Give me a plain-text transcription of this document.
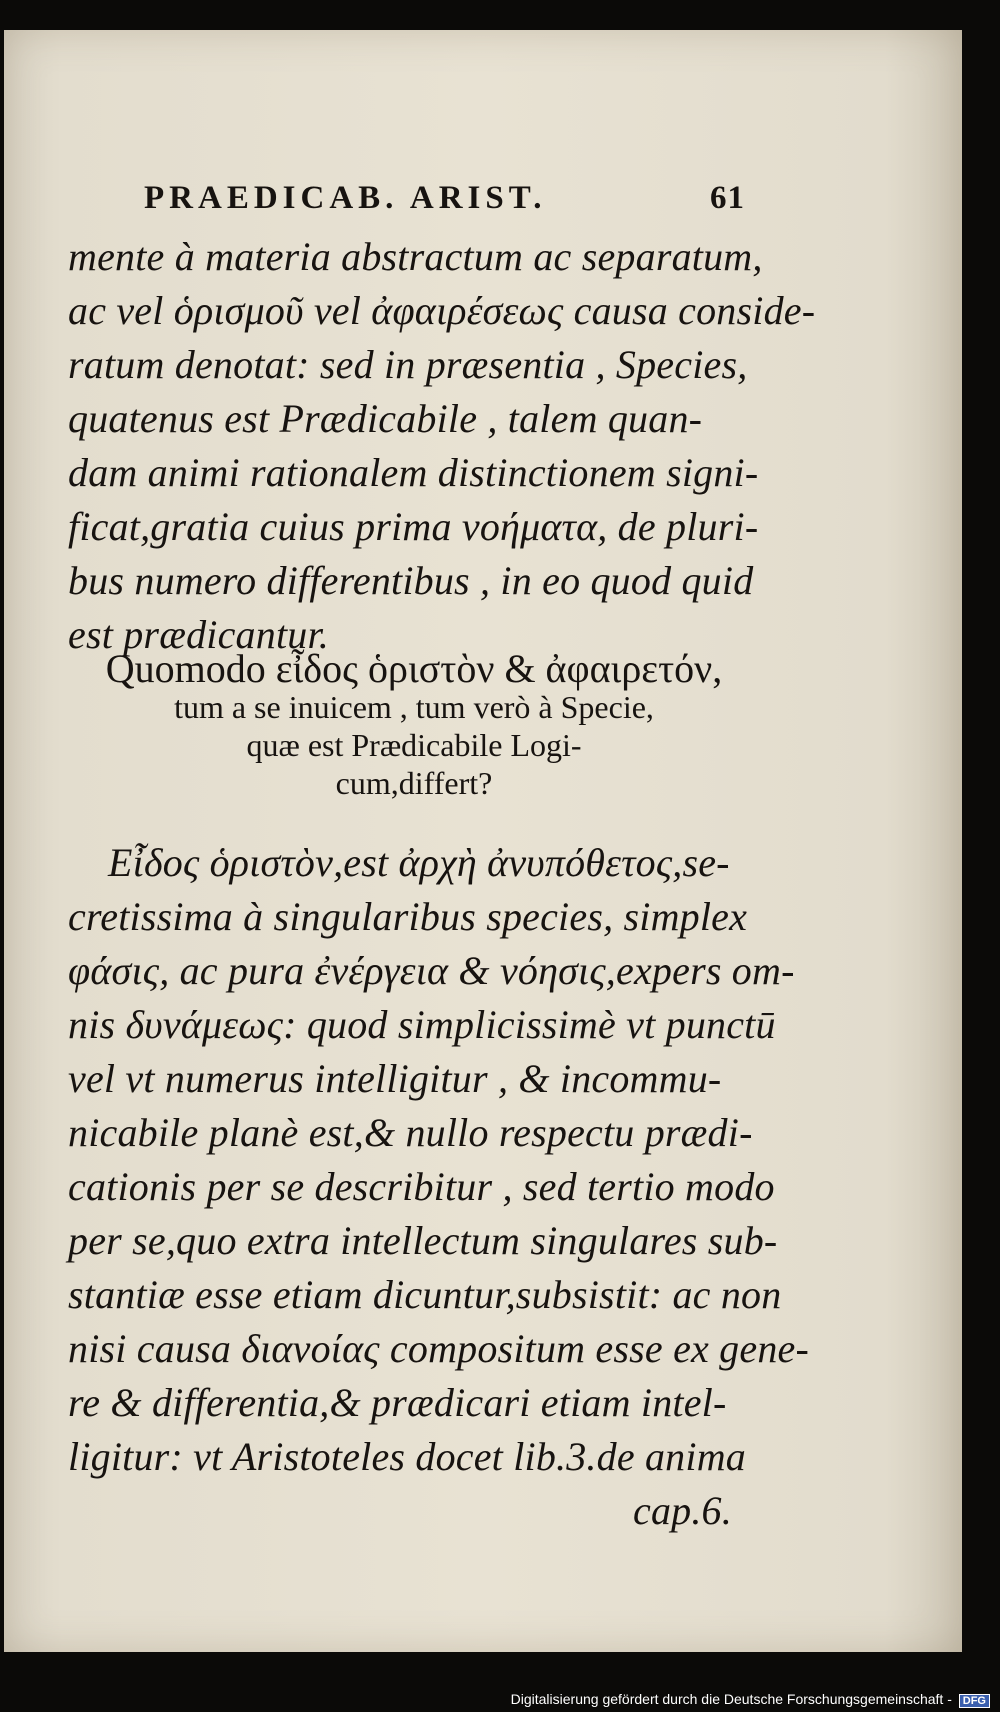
PRAEDICAB. ARIST.	61
mente à materia abstractum ac separatum,
ac vel ὁρισμοῦ vel ἀφαιρέσεως causa conside-
ratum denotat: sed in præsentia , Species,
quatenus est Prædicabile , talem quan-
dam animi rationalem distinctionem signi-
ficat,gratia cuius prima νοήματα, de pluri-
bus numero differentibus , in eo quod quid
est prædicantur.
Quomodo εἶδος ὁριστὸν & ἀφαιρετόν,
tum a se inuicem , tum verò à Specie,
quæ est Prædicabile Logi-
cum,differt?
Εἶδος ὁριστὸν,est ἀρχὴ ἀνυπόθετος,se-
cretissima à singularibus species, simplex
φάσις, ac pura ἐνέργεια & νόησις,expers om-
nis δυνάμεως: quod simplicissimè vt punctū
vel vt numerus intelligitur , & incommu-
nicabile planè est,& nullo respectu prædi-
cationis per se describitur , sed tertio modo
per se,quo extra intellectum singulares sub-
stantiæ esse etiam dicuntur,subsistit: ac non
nisi causa διανοίας compositum esse ex gene-
re & differentia,& prædicari etiam intel-
ligitur: vt Aristoteles docet lib.3.de anima
cap.6.
Digitalisierung gefördert durch die Deutsche Forschungsgemeinschaft - DFG
